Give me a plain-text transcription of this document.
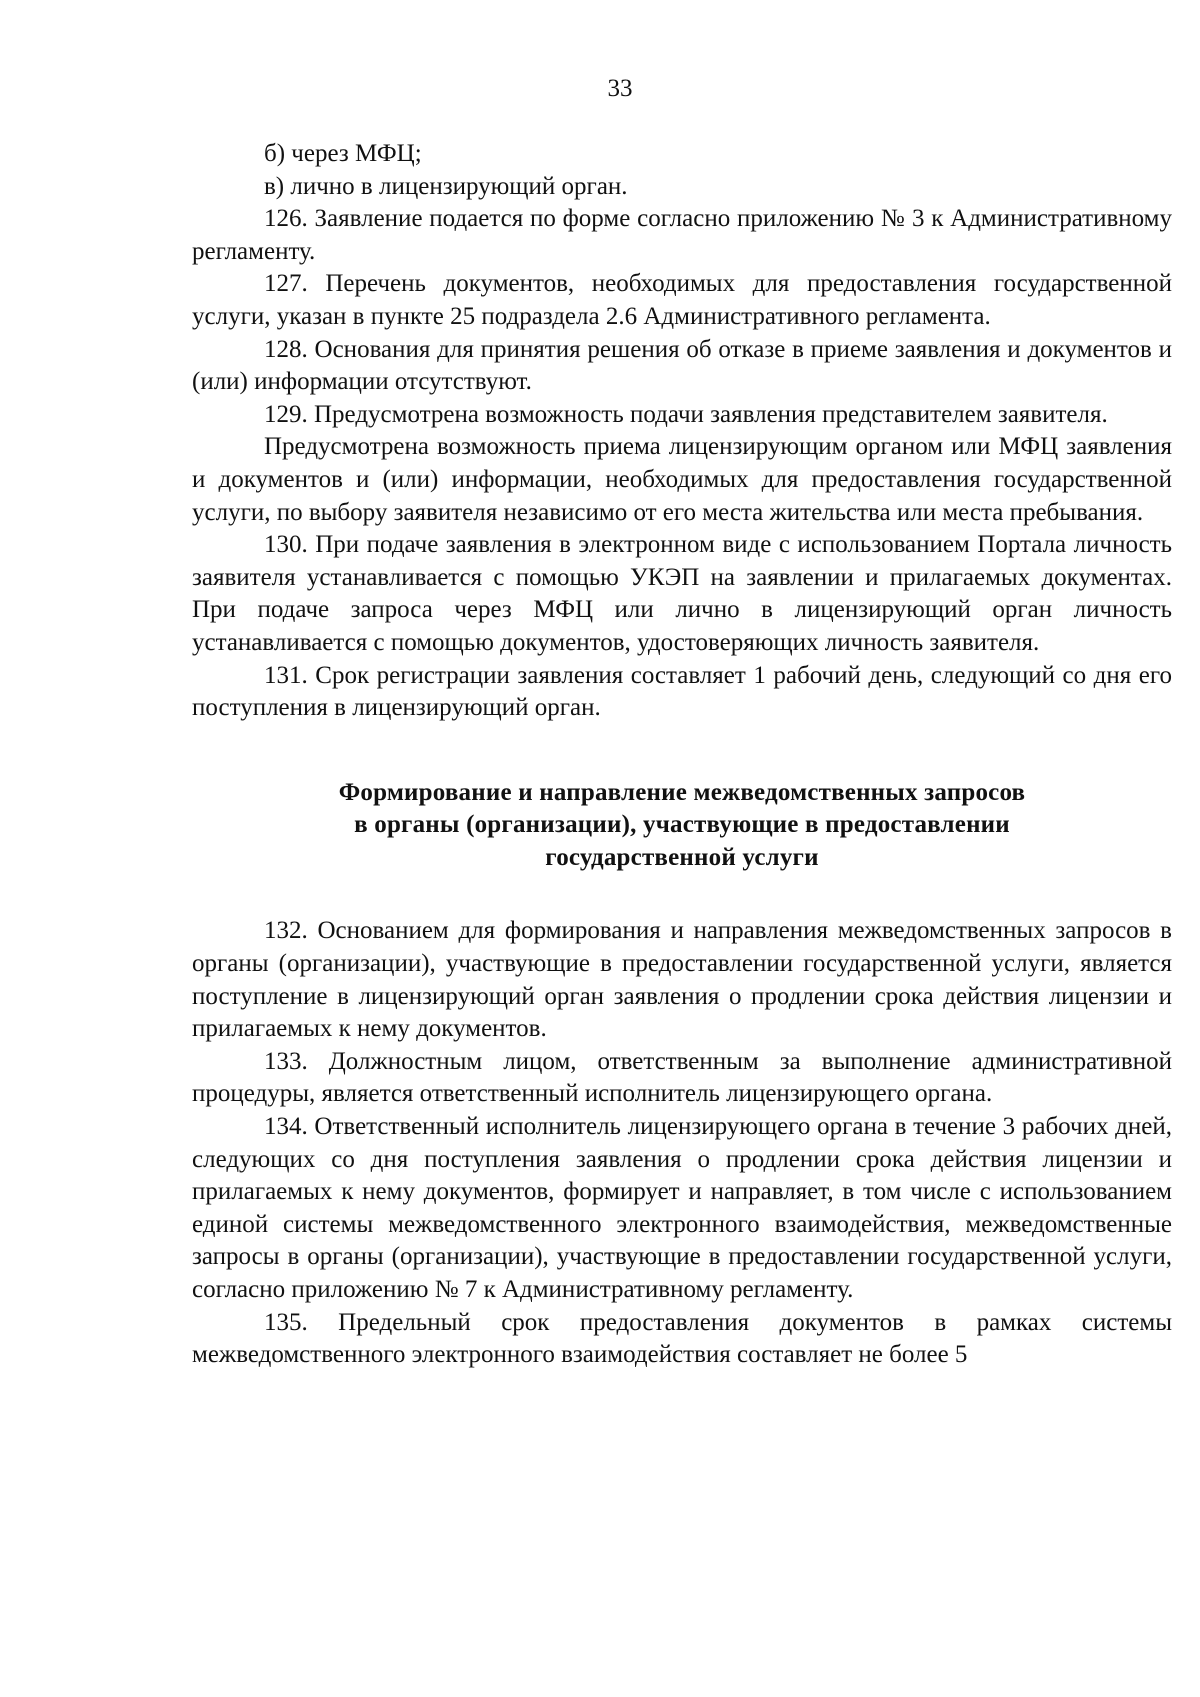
33

б) через МФЦ;

в) лично в лицензирующий орган.

126. Заявление подается по форме согласно приложению № 3 к Административному регламенту.

127. Перечень документов, необходимых для предоставления государственной услуги, указан в пункте 25 подраздела 2.6 Административного регламента.

128. Основания для принятия решения об отказе в приеме заявления и документов и (или) информации отсутствуют.

129. Предусмотрена возможность подачи заявления представителем заявителя.

Предусмотрена возможность приема лицензирующим органом или МФЦ заявления и документов и (или) информации, необходимых для предоставления государственной услуги, по выбору заявителя независимо от его места жительства или места пребывания.

130. При подаче заявления в электронном виде с использованием Портала личность заявителя устанавливается с помощью УКЭП на заявлении и прилагаемых документах. При подаче запроса через МФЦ или лично в лицензирующий орган личность устанавливается с помощью документов, удостоверяющих личность заявителя.

131. Срок регистрации заявления составляет 1 рабочий день, следующий со дня его поступления в лицензирующий орган.

Формирование и направление межведомственных запросов
в органы (организации), участвующие в предоставлении
государственной услуги

132. Основанием для формирования и направления межведомственных запросов в органы (организации), участвующие в предоставлении государственной услуги, является поступление в лицензирующий орган заявления о продлении срока действия лицензии и прилагаемых к нему документов.

133. Должностным лицом, ответственным за выполнение административной процедуры, является ответственный исполнитель лицензирующего органа.

134. Ответственный исполнитель лицензирующего органа в течение 3 рабочих дней, следующих со дня поступления заявления о продлении срока действия лицензии и прилагаемых к нему документов, формирует и направляет, в том числе с использованием единой системы межведомственного электронного взаимодействия, межведомственные запросы в органы (организации), участвующие в предоставлении государственной услуги, согласно приложению № 7 к Административному регламенту.

135. Предельный срок предоставления документов в рамках системы межведомственного электронного взаимодействия составляет не более 5
